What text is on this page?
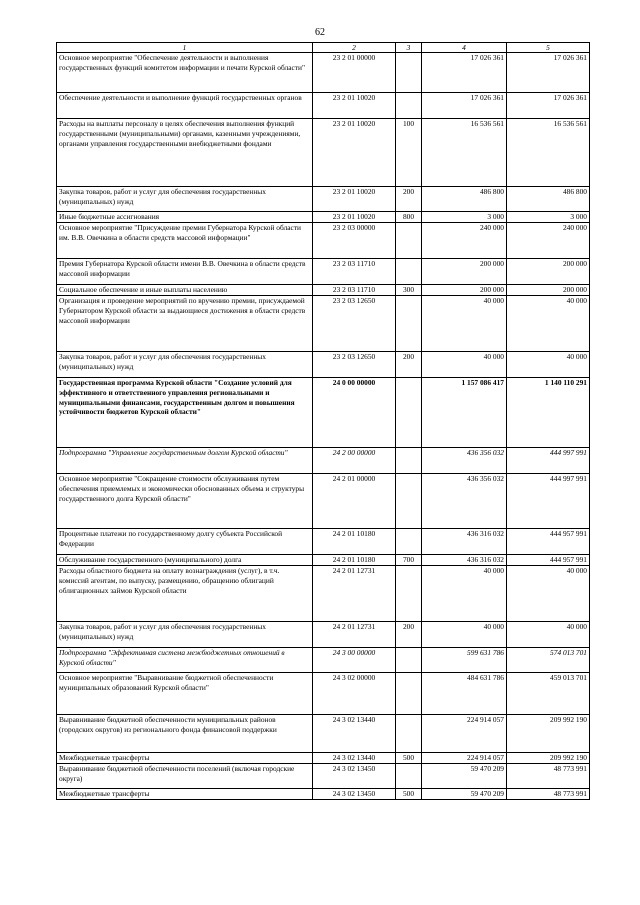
62
1	2	3	4	5
Основное мероприятие "Обеспечение деятельности и выполнения государственных функций комитетом информации и печати Курской области"	23 2 01 00000		17 026 361	17 026 361
Обеспечение деятельности и выполнение функций государственных органов	23 2 01 10020		17 026 361	17 026 361
Расходы на выплаты персоналу в целях обеспечения выполнения функций государственными (муниципальными) органами, казенными учреждениями, органами управления государственными внебюджетными фондами	23 2 01 10020	100	16 536 561	16 536 561
Закупка товаров, работ и услуг для обеспечения государственных (муниципальных) нужд	23 2 01 10020	200	486 800	486 800
Иные бюджетные ассигнования	23 2 01 10020	800	3 000	3 000
Основное мероприятие "Присуждение премии Губернатора Курской области им. В.В. Овечкина в области средств массовой информации"	23 2 03 00000		240 000	240 000
Премия Губернатора Курской области имени В.В. Овечкина в области средств массовой информации	23 2 03 11710		200 000	200 000
Социальное обеспечение и иные выплаты населению	23 2 03 11710	300	200 000	200 000
Организация и проведение мероприятий по вручению премии, присуждаемой Губернатором Курской области за выдающиеся достижения в области средств массовой информации	23 2 03 12650		40 000	40 000
Закупка товаров, работ и услуг для обеспечения государственных (муниципальных) нужд	23 2 03 12650	200	40 000	40 000
Государственная программа Курской области "Создание условий для эффективного и ответственного управления региональными и муниципальными финансами, государственным долгом и повышения устойчивости бюджетов Курской области"	24 0 00 00000		1 157 086 417	1 140 110 291
Подпрограмма "Управление государственным долгом Курской области"	24 2 00 00000		436 356 032	444 997 991
Основное мероприятие "Сокращение стоимости обслуживания путем обеспечения приемлемых и экономически обоснованных объема и структуры государственного долга Курской области"	24 2 01 00000		436 356 032	444 997 991
Процентные платежи по государственному долгу субъекта Российской Федерации	24 2 01 10180		436 316 032	444 957 991
Обслуживание государственного (муниципального) долга	24 2 01 10180	700	436 316 032	444 957 991
Расходы областного бюджета на оплату вознаграждения (услуг), в т.ч. комиссий агентам, по выпуску, размещению, обращению облигаций облигационных займов Курской области	24 2 01 12731		40 000	40 000
Закупка товаров, работ и услуг для обеспечения государственных (муниципальных) нужд	24 2 01 12731	200	40 000	40 000
Подпрограмма "Эффективная система межбюджетных отношений в Курской области"	24 3 00 00000		599 631 786	574 013 701
Основное мероприятие "Выравнивание бюджетной обеспеченности муниципальных образований Курской области"	24 3 02 00000		484 631 786	459 013 701
Выравнивание бюджетной обеспеченности муниципальных районов (городских округов) из регионального фонда финансовой поддержки	24 3 02 13440		224 914 057	209 992 190
Межбюджетные трансферты	24 3 02 13440	500	224 914 057	209 992 190
Выравнивание бюджетной обеспеченности поселений (включая городские округа)	24 3 02 13450		59 470 209	48 773 991
Межбюджетные трансферты	24 3 02 13450	500	59 470 209	48 773 991
